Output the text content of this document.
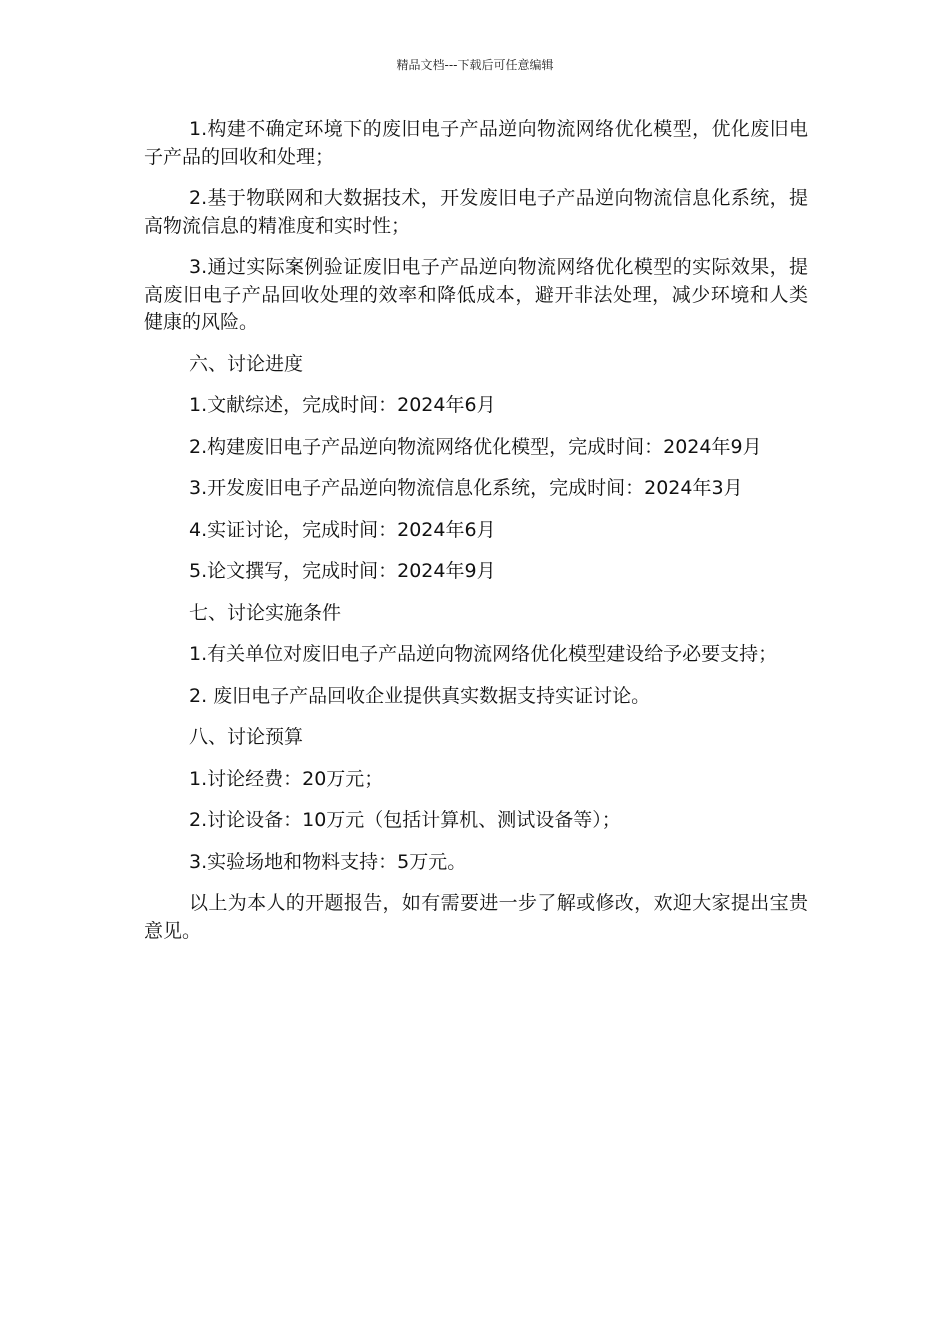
精品文档---下载后可任意编辑

1.构建不确定环境下的废旧电子产品逆向物流网络优化模型，优化废旧电子产品的回收和处理；

2.基于物联网和大数据技术，开发废旧电子产品逆向物流信息化系统，提高物流信息的精准度和实时性；

3.通过实际案例验证废旧电子产品逆向物流网络优化模型的实际效果，提高废旧电子产品回收处理的效率和降低成本，避开非法处理，减少环境和人类健康的风险。

六、讨论进度

1.文献综述，完成时间：2024年6月

2.构建废旧电子产品逆向物流网络优化模型，完成时间：2024年9月

3.开发废旧电子产品逆向物流信息化系统，完成时间：2024年3月

4.实证讨论，完成时间：2024年6月

5.论文撰写，完成时间：2024年9月

七、讨论实施条件

1.有关单位对废旧电子产品逆向物流网络优化模型建设给予必要支持；

2. 废旧电子产品回收企业提供真实数据支持实证讨论。

八、讨论预算

1.讨论经费：20万元；

2.讨论设备：10万元（包括计算机、测试设备等）；

3.实验场地和物料支持：5万元。

以上为本人的开题报告，如有需要进一步了解或修改，欢迎大家提出宝贵意见。
